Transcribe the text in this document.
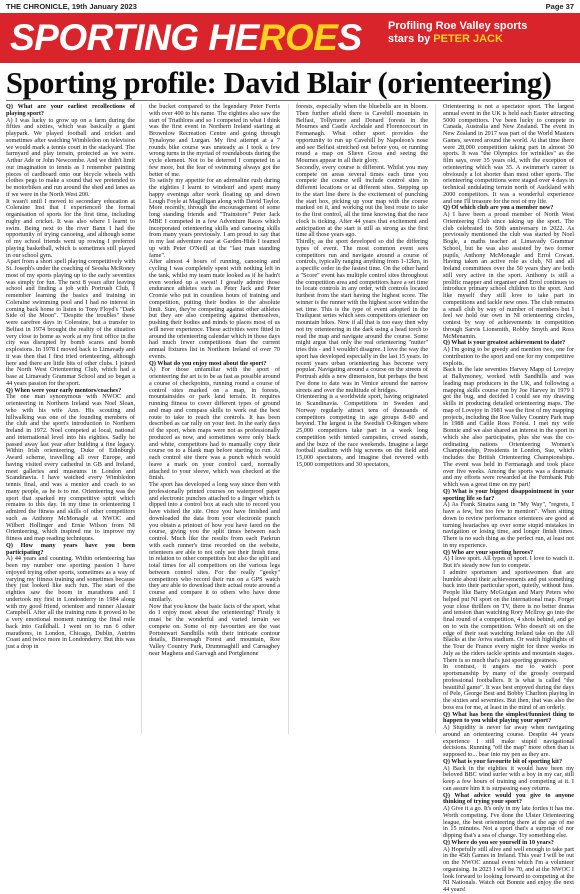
THE CHRONICLE, 19th January 2023	Page 37
SPORTING HEROES Profiling Roe Valley sports
stars by PETER JACK
Sporting profile: David Blair (orienteering)

Q) What are your earliest recollections of playing sport?

A) I was lucky to grow up on a farm during the fifties and sixties, which was basically a giant playpark. We played football and cricket and sometimes after watching Wimbledon on television we would mark a tennis court in the stackyard. The farmyard and play terrain, protected as we were. Arthur Ade or John Newcombe. And we didn't limit our imagination to tennis as I remember painting pieces of cardboard onto our bicycle wheels with clothes pegs to make a sound that we pretended to be motorbikes and run around the shed and lanes as if we were in the North West 200.

It wasn't until I moved to secondary education at Coleraine Inst that I experienced the formal organisation of sports for the first time, including rugby and cricket. It was also where I learnt to swim. Being next to the river Bann I had the opportunity of trying canoeing, and although some of my school friends went up rowing I preferred playing basketball, which is sometimes still played in our school gym.

Apart from a short spell playing competitively with St. Joseph's under the coaching of Seosha McRoney most of my sports playing up to the early seventies was simply for fun. The next 8 years after leaving school and finding a job with Portrush Club, I remember learning the basics and training in Coleraine swimming pool and I had no interest in coming back home to listen to Tony Floyd's "Dark Side of the Moon". "Despite the troubles" these were carefree days in Coleraine, but a transfer to Belfast in 1974 brought the reality of the situation very close to home as work at my first office in the city was disrupted by bomb scares and bomb explosions. In 1978 I moved back to Limavady and it was then that I first tried orienteering, although here and there are little bits of other clubs. I joined the North West Orienteering Club, which had a base at Limavady Grammar School and so began a 44 years passion for the sport.

Q) When were your early mentors/coaches?

The one man synonymous with NWOC and orienteering in Northern Ireland was Noel Sloan, who with his wife Ann. His scouting and hillwalking was one of the founding members of the club and the sport's introduction to Northern Ireland in 1972. Noel competed at local, national and international level into his eighties. Sadly he passed away last year after building a fine legacy. Within Irish orienteering, Duke of Edinburgh Award scheme, travelling all over Europe, and having visited every cathedral in GB and Ireland, meet galleries and museums in London and Scandinavia. I have watched every Wimbledon tennis final, and was a mentor and coach to so many people, as he is to me. Orienteering was the sport that sparked my competitive spirit which remains to this day. In my time in orienteering I admired the fitness and skills of other competitors such as Anthony McMonagle at NWOC and Wilbert Hollinger and Ernie Wilson from NI Orienteering, which inspired me to improve my fitness and map reading techniques.

Q) How many years have you been participating?

A) 44 years and counting. Within orienteering has been my number one sporting passion I have enjoyed trying other sports, sometimes as a way of varying my fitness training and sometimes because they just looked like such fun. The start of the eighties saw the boom in marathons and I undertook my first in Londonderry in 1984 along with my good friend, orienteer and runner Alastair Campbell. After all the training runs it proved to be a very emotional moment running the final mile back into Guildhall. I went on to run 6 other marathons, in London, Chicago, Dublin, Antrim Coast and twice more in Londonderry. But this was just a drop in

the bucket compared to the legendary Peter Ferris with over 400 to his name. The eighties also saw the start of Triathlons and so I competed in what I think was the first event in Northern Ireland starting at Brownlow Recreation Centre and going through Tynaloyne and Lurgan. My first attempt at a 7 rounds bike course was unsteady as I took a few wrong turns in the myriad of roundabouts during the cycle element. Not to be deterred I competed in a few more, but the fear of swimming always got the better of me.

To satisfy my appetite for an adrenaline rush during the eighties I learnt to windsurf and spent many happy evenings after work floating up and down Lough Foyle at Magilligan along with David Taylor. More recently, through the encouragement of some long standing friends and "Trainstore" Peter Jack MBE I competed in a few Adventure Races which incorporated orienteering skills and canoeing skills from many years previously. I am proud to say that in my last adventure race at Garden-Hide I teamed up with Peter O'Neill at the "last man standing fame".

After almost 4 hours of running, canoeing and cycling I was completely spent with nothing left in the tank, whilst my team mate looked as if he hadn't even worked up a sweat! I greatly admire those endurance athletes such as Peter Jack and Peter Cromie who put in countless hours of training and competition, putting their bodies to the absolute limit. Sure, they're competing against other athletes but they are also competing against themselves, pushing their bodies and minds to places most of us will never experience. These activities were fitted in around the orienteering calendar which in those days had much fewer competitions than the current annual fixtures list in Northern Ireland of over 70 events.

Q) What do you enjoy most about the sport?

A) For those unfamiliar with the sport of orienteering the art is to be as fast as possible around a course of checkpoints, running round a course of control sites marked on a map, in forests, mountainsides or park land terrain. It requires running fitness to cover different types of ground and map and compass skills to work out the best route to take to reach the controls. It has been described as car rally on your feet. In the early days of the sport, when maps were not as professionally produced as now, and sometimes were only black and white, competitors had to manually copy their course on to a blank map before starting to run. At each control site there was a punch which would leave a mark on your control card, normally attached to your sleeve, which was checked at the finish.

The sport has developed a long way since then with professionally printed courses on waterproof paper and electronic punches attached to a finger which is dipped into a control box at each site to record you have visited the site. Once you have finished and downloaded the data from your electronic punch you obtain a printout of how you have fared on the course, giving you the split times between each control. Much like the results from each Parkrun with each runner's time recorded on the website, orienteers are able to not only see their finish time, in relation to other competitors but also the split and total times for all competitors on the various legs between control sites. For the really "geeky" competitors who record their run on a GPS watch they are able to download their actual route around a course and compare it to others who have done similarly.

Now that you know the basic facts of the sport, what do I enjoy most about the orienteering? Firstly it must be the wonderful and varied terrain we compete on. Some of my favourites are the vast Portstewart Sandhills with their intricate contour details, Binevenagh Forest and mountain, Roe Valley Country Park, Drummaghill and Carnaghey near Maghera and Garvagh and Portglenone

forests, especially when the bluebells are in bloom. Then further afield there is Cavehill mountain in Belfast, Tollymore and Donard forests in the Mournes and Castle Archdale and Florencecourt in Fermanagh. What other sport provides the opportunity to run up Cavehill by Napoleon's nose and see Belfast stretched out before you, or running round a map on Slieve Gross and seeing the Mournes appear in all their glory.

Secondly, every course is different. Whilst you may compete on areas several times each time you compete the course will include control sites in different locations or at different sites. Stepping up to the start line there is the excitement of punching the start box, picking up your map with the course marked on it, and working out the best route to take to the first control, all the time knowing that the race clock is ticking. After 44 years that excitement and anticipation at the start is still as strong as the first time all those years ago.

Thirdly, as the sport developed so did the differing types of event. The most common event sees competitors run and navigate around a course of controls, typically ranging anything from 1-12km, in a specific order in the fastest time. On the other hand a "Score" event has multiple control sites throughout the competition area and competitors have a set time to locate controls in any order, with controls located furthest from the start having the highest score. The winner is the runner with the highest score within the set time. This is the type of event adopted in the Trailquest series which sees competitors orienteer on mountain bikes. Now if all that is too easy then why not try orienteering in the dark using a head torch to read the map and navigate around the course. Some might argue that only the real orienteering "nutter" tries this - and I wouldn't disagree. I love the way the sport has developed especially in the last 15 years. In recent years urban orienteering has become very popular. Navigating around a course on the streets of Portrush adds a new dimension, but perhaps the best I've done to date was in Venice around the narrow streets and over the multitude of bridges.

Orienteering is a worldwide sport, having originated in Scandinavia. Competitions in Sweden and Norway regularly attract tens of thousands of competitors competing in age groups 8-80 and beyond. The largest is the Swedish O-Ringen where 25,000 competitors take part in a week long competition with tented campsites, crowd stands, and the buzz of the race weekends. Imagine a large football stadium with big screens on the field and 15,000 spectators, and imagine that revered with 15,000 competitors and 30 spectators,

Orienteering is not a spectator sport. The largest annual event in the UK is held each Easter attracting 5000 competitors. I've been lucky to compete in Canada, Australia and New Zealand. The event in New Zealand in 2017 was part of the World Masters Games, severed around the world. At that time there were 28,000 competition taking part in almost 30 sports. It was "the Olympics for wrinklies" as the film says, over 35 years old, with the exception of orienteering which was 35. A swimmer's career is obviously a lot shorter than most other sports. The orienteering competitions were staged over 4 days in technical undulating terrain north of Auckland with 2000 competitors. It was a wonderful experience and one I'll treasure for the rest of my life.

Q) Of which club are you a member now?

A) I have been a proud member of North West Orienteering Club since taking up the sport. The club celebrated its 50th anniversary in 2022. As previously mentioned the club was started by Noel Bogle, a maths teacher at Limavady Grammar School, but he was also assisted by two former pupils, Anthony McMonagle and Errol Cowan. Having taken an active role as club, NI and all Ireland committees over the 50 years they are both still very active in the sport. Anthony is still a prolific mapper and organiser and Errol continues to introduce primary school children to the sport. And like myself they still love to take part in competitions and tackle new ones. The club remains a small club by way of number of members but I feel we hold our own in NI orienteering circles, contest by way of achievements in competition through Sarvis Lionsmith, Robby Smyth and Ross McMenamin.

Q) What is your greatest achievement to date?

A) I'm going to be greedy and mention two, one for contribution to the sport and one for my competitive exploits.

Back in the late seventies Harvey Mapp of Lovejoy at Ballymoney, worked with Sandhills and was leading map producers in the UK, and following a mapping skills course run by Joe Harvey in 1979 I got the bug, and decided I could see my drawing skills in producing detailed orienteering maps. The map of Lovejoy in 1981 was the first of my mapping projects, including the Roe Valley Country Park map in 1988 and Cattle Ross Forest. I met my wife Bonnie and we also shared an interest in the sport in which she also participates, plus she was the co-ordinating nations Orienteering Women's Championship, Presidents in London, Sue, which includes the British Orienteering Championships. The event was held in Fermanagh and took place over five weeks. Among the sports was a dramatic and my efforts were rewarded at the Fernbank Pub which was a great time on my part!

Q) What is your biggest disappointment in your sporting life so far?

A) As Frank Sinatra sang in "My Way", "regrets, I have a few, but too few to mention". When sitting down to review performance orienteers are good at turning heartaches up over some stupid mistakes in navigation or losing time, and longer finish times. There is no such thing as the perfect run, at least not in my experience.

Q) Who are your sporting heroes?

A) I love sport. All types of sport. I love to watch it. But it's steady now fun to compete.

I admire sportsmen and sportswomen that are humble about their achievements and put something back into their particular sport, quietly, without fuss. People like Barry McGuigan and Mary Peters who helped put NI sport on the international map. Forget your close thrillers on TV, there is no better drama and tension than watching Rory Mcllroy go into the final round of a competition, 4 shots behind, and go on to win the competition. Who doesn't sit on the edge of their seat watching Ireland take on the All Blacks at the Aviva stadium. Or watch highlights of the Tour de France every night for three weeks in July as the riders tackle sprints and mountain stages. There is so much that's just sporting greatness.

In contrast, it angers me to watch poor sportsmanship by many of the grossly overpaid professional footballers. It is what is called "the beautiful game". It was best enjoyed during the days of Pele, George Best and Bobby Charlton playing in the sixties and seventies. But then, that was also the boss era for me, at least in the mind of an orderly.

Q) What has been the simplest/funniest thing to happen to you whilst playing your sport?

A) Stupidity is never far away when navigating around an orienteering course. Despite 44 years experience I still make stupid navigational decisions. Running "off the map" more often than is supposed to... bear into my pen as they are.

Q) What is your favourite bit of sporting kit?

A) Back in the eighties it would have been my beloved BBC wind surfer with a boy in my car, still keep a few hours of training and competing at it. I can assure him it is surpassing easy returns.

Q) What advice would you give to anyone thinking of trying your sport?

A) Give it a go. It's only in my late forties it has me. Worth competing. I've done the Ulster Orienteering league, the best orienteering there at the age of me in 15 minutes. Not a sport that's a surprise of nor dipping that's a sea of change. Try something else.

Q) Where do you see yourself in 10 years?

A) Hopefully still alive and well enough to take part in the 45th Games in Ireland. This year I will be out on the NWOC annual event which I'm a volunteer organising. In 2023 I will be 70, and at the NWOC I look forward to looking forward to competing at the NI Nationals. Watch out Bonnie and enjoy the next 44 years!
